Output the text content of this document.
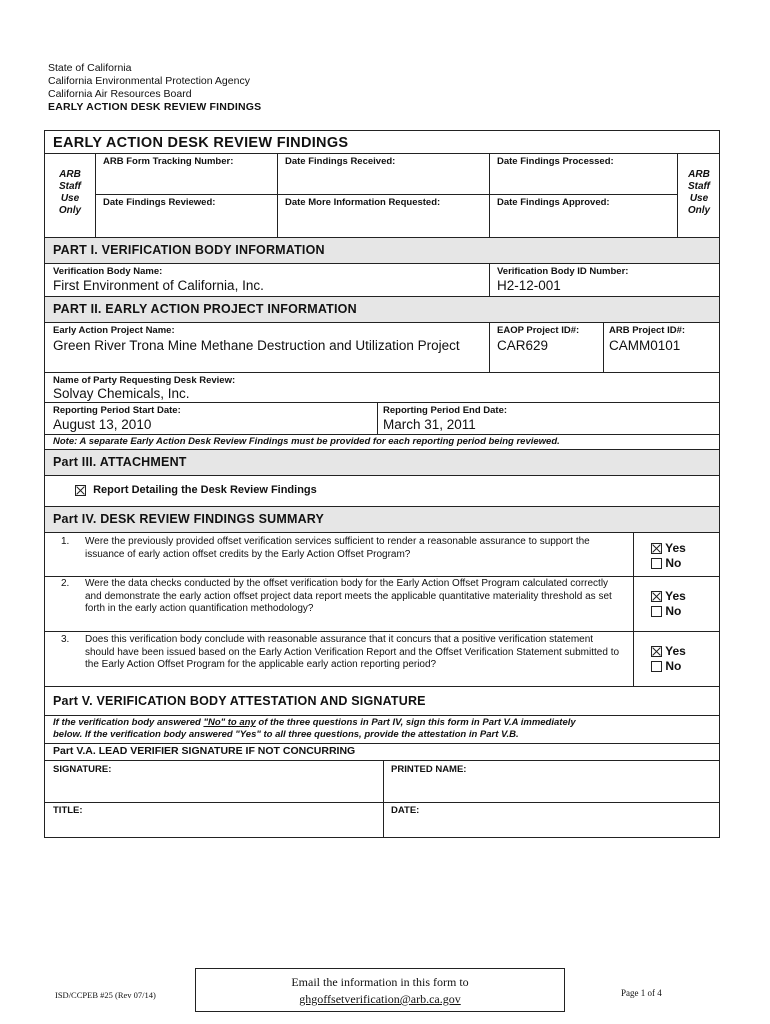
State of California
California Environmental Protection Agency
California Air Resources Board
EARLY ACTION DESK REVIEW FINDINGS
EARLY ACTION DESK REVIEW FINDINGS
ARB
Staff
Use
Only
ARB
Staff
Use
Only
ARB Form Tracking Number:	Date Findings Received:	Date Findings Processed:
Date Findings Reviewed:	Date More Information Requested:	Date Findings Approved:
PART I. VERIFICATION BODY INFORMATION
Verification Body Name:
First Environment of California, Inc.
Verification Body ID Number:
H2-12-001
PART II. EARLY ACTION PROJECT INFORMATION
Early Action Project Name:
Green River Trona Mine Methane Destruction and Utilization Project
EAOP Project ID#:
CAR629
ARB Project ID#:
CAMM0101
Name of Party Requesting Desk Review:
Solvay Chemicals, Inc.
Reporting Period Start Date:
August 13, 2010
Reporting Period End Date:
March 31, 2011
Note: A separate Early Action Desk Review Findings must be provided for each reporting period being reviewed.
Part III. ATTACHMENT
Report Detailing the Desk Review Findings
Part IV. DESK REVIEW FINDINGS SUMMARY
1. Were the previously provided offset verification services sufficient to render a reasonable assurance to support the issuance of early action offset credits by the Early Action Offset Program?	Yes
No
2. Were the data checks conducted by the offset verification body for the Early Action Offset Program calculated correctly and demonstrate the early action offset project data report meets the applicable quantitative materiality threshold as set forth in the early action quantification methodology?
Yes
No
3. Does this verification body conclude with reasonable assurance that it concurs that a positive verification statement should have been issued based on the Early Action Verification Report and the Offset Verification Statement submitted to the Early Action Offset Program for the applicable early action reporting period?
Yes
No
Part V. VERIFICATION BODY ATTESTATION AND SIGNATURE
If the verification body answered "No" to any of the three questions in Part IV, sign this form in Part V.A immediately
below. If the verification body answered "Yes" to all three questions, provide the attestation in Part V.B.
Part V.A. LEAD VERIFIER SIGNATURE IF NOT CONCURRING
SIGNATURE:	PRINTED NAME:
TITLE:	DATE:
ISD/CCPEB #25 (Rev 07/14)
Email the information in this form to
ghgoffsetverification@arb.ca.gov	Page 1 of 4
